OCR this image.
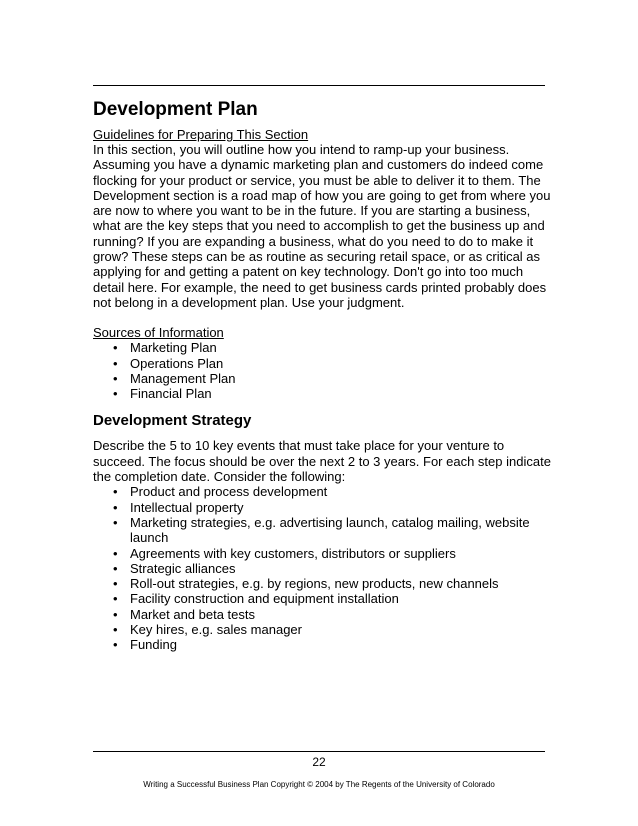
Development Plan

Guidelines for Preparing This Section

In this section, you will outline how you intend to ramp-up your business. Assuming you have a dynamic marketing plan and customers do indeed come flocking for your product or service, you must be able to deliver it to them. The Development section is a road map of how you are going to get from where you are now to where you want to be in the future. If you are starting a business, what are the key steps that you need to accomplish to get the business up and running? If you are expanding a business, what do you need to do to make it grow? These steps can be as routine as securing retail space, or as critical as applying for and getting a patent on key technology. Don't go into too much detail here. For example, the need to get business cards printed probably does not belong in a development plan. Use your judgment.

Sources of Information

• Marketing Plan
• Operations Plan
• Management Plan
• Financial Plan
Development Strategy

Describe the 5 to 10 key events that must take place for your venture to succeed. The focus should be over the next 2 to 3 years. For each step indicate the completion date. Consider the following:

• Product and process development
• Intellectual property
• Marketing strategies, e.g. advertising launch, catalog mailing, website launch
• Agreements with key customers, distributors or suppliers
• Strategic alliances
• Roll-out strategies, e.g. by regions, new products, new channels
• Facility construction and equipment installation
• Market and beta tests
• Key hires, e.g. sales manager
• Funding
22
Writing a Successful Business Plan Copyright © 2004 by The Regents of the University of Colorado
